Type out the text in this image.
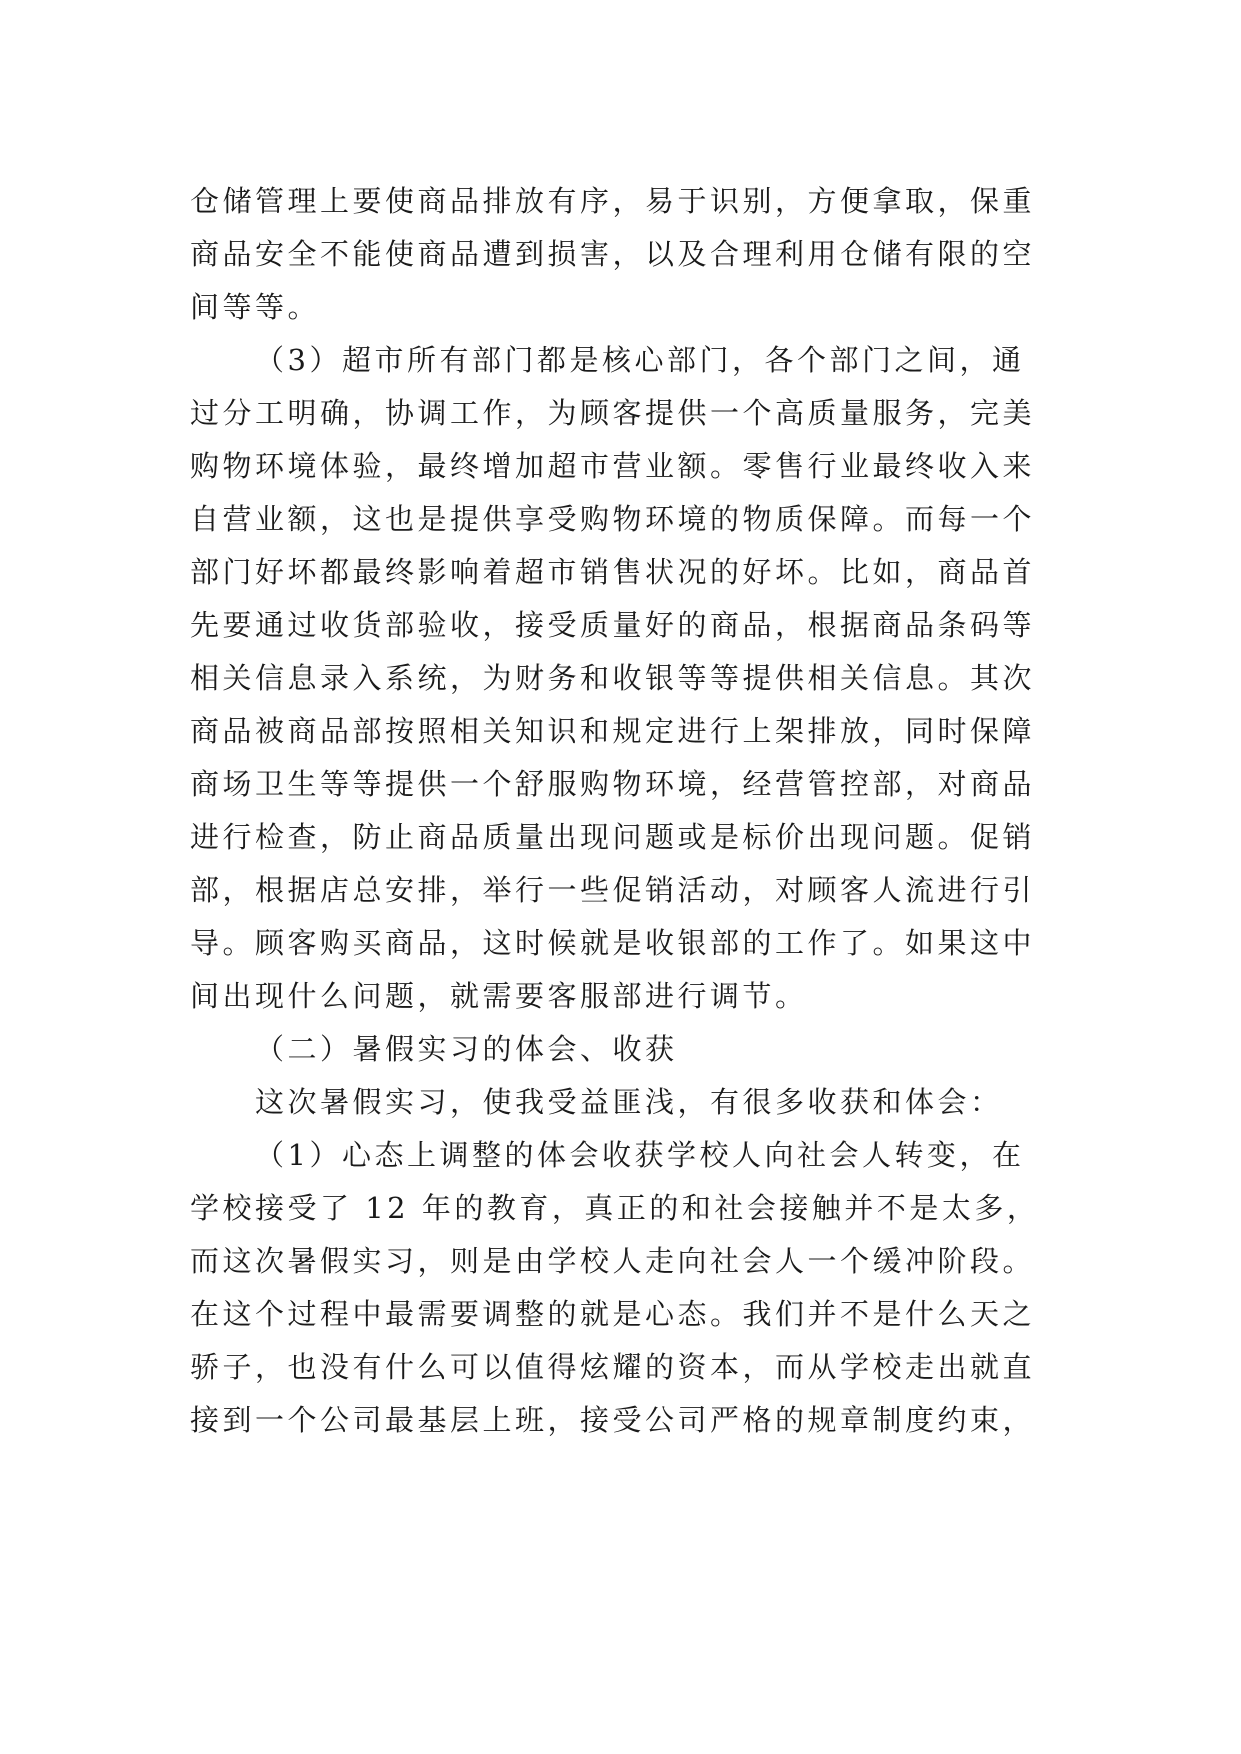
仓储管理上要使商品排放有序，易于识别，方便拿取，保重

商品安全不能使商品遭到损害，以及合理利用仓储有限的空

间等等。

（3）超市所有部门都是核心部门，各个部门之间，通

过分工明确，协调工作，为顾客提供一个高质量服务，完美

购物环境体验，最终增加超市营业额。零售行业最终收入来

自营业额，这也是提供享受购物环境的物质保障。而每一个

部门好坏都最终影响着超市销售状况的好坏。比如，商品首

先要通过收货部验收，接受质量好的商品，根据商品条码等

相关信息录入系统，为财务和收银等等提供相关信息。其次

商品被商品部按照相关知识和规定进行上架排放，同时保障

商场卫生等等提供一个舒服购物环境，经营管控部，对商品

进行检查，防止商品质量出现问题或是标价出现问题。促销

部，根据店总安排，举行一些促销活动，对顾客人流进行引

导。顾客购买商品，这时候就是收银部的工作了。如果这中

间出现什么问题，就需要客服部进行调节。

（二）暑假实习的体会、收获

这次暑假实习，使我受益匪浅，有很多收获和体会：

（1）心态上调整的体会收获学校人向社会人转变，在

学校接受了 12 年的教育，真正的和社会接触并不是太多，

而这次暑假实习，则是由学校人走向社会人一个缓冲阶段。

在这个过程中最需要调整的就是心态。我们并不是什么天之

骄子，也没有什么可以值得炫耀的资本，而从学校走出就直

接到一个公司最基层上班，接受公司严格的规章制度约束，
